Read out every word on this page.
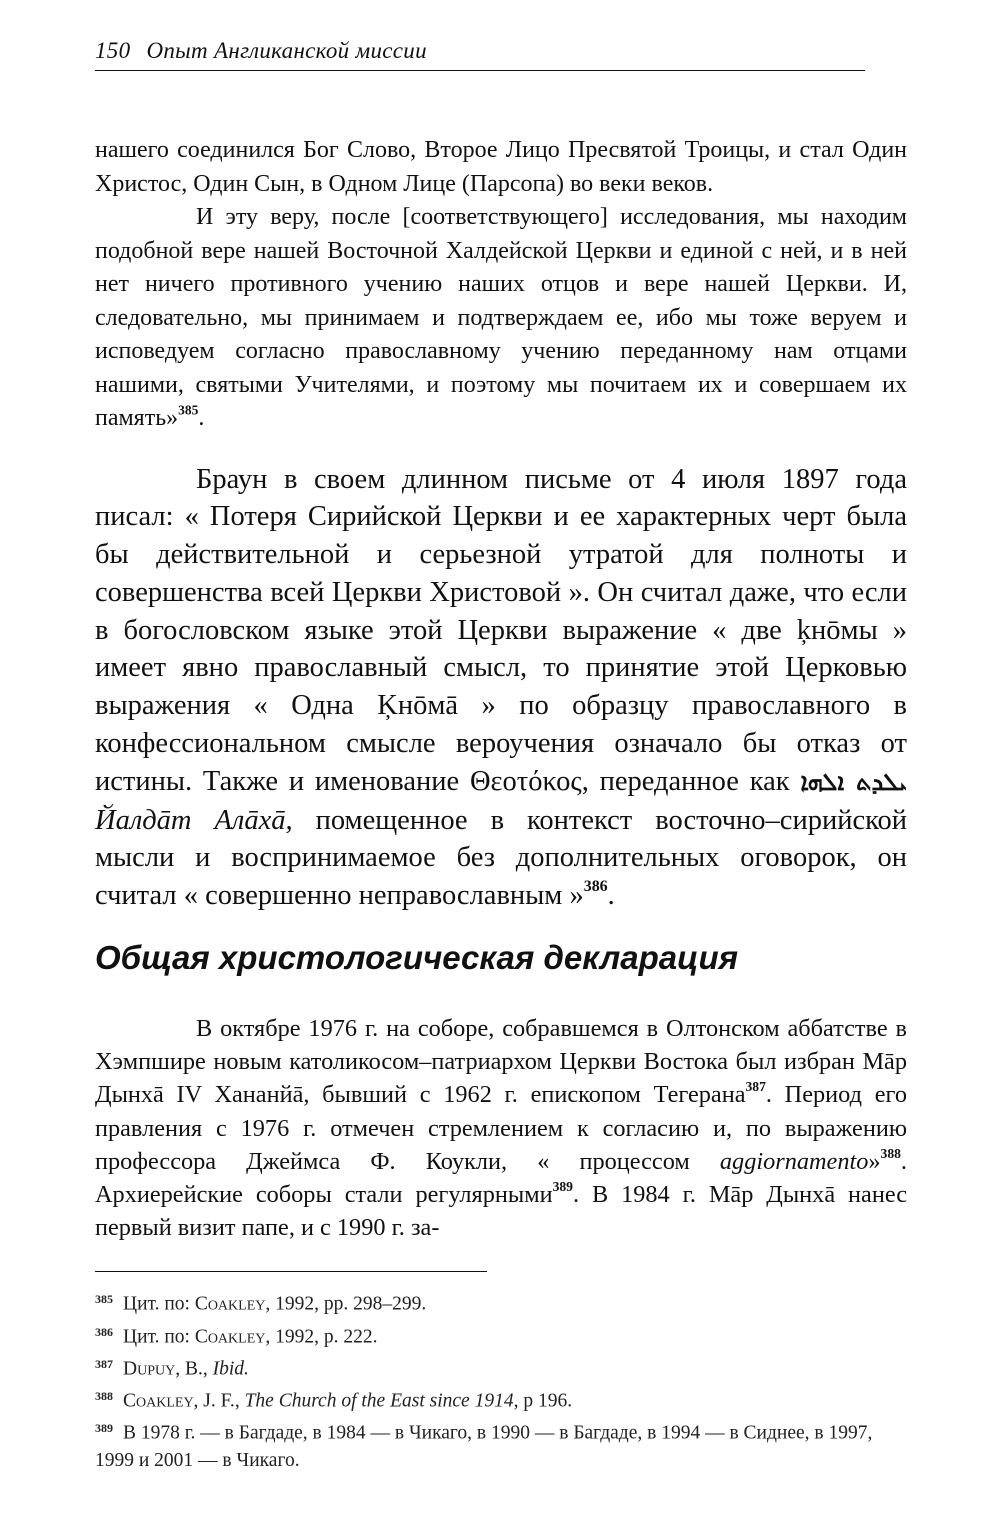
150 Опыт Англиканской миссии

нашего соединился Бог Слово, Второе Лицо Пресвятой Троицы, и стал Один Христос, Один Сын, в Одном Лице (Парсопа) во веки веков.

И эту веру, после [соответствующего] исследования, мы находим подобной вере нашей Восточной Халдейской Церкви и единой с ней, и в ней нет ничего противного учению наших отцов и вере нашей Церкви. И, следовательно, мы принимаем и подтверждаем ее, ибо мы тоже веруем и исповедуем согласно православному учению переданному нам отцами нашими, святыми Учителями, и поэтому мы почитаем их и совершаем их память»$^{385}$.

Браун в своем длинном письме от 4 июля 1897 года писал: « Потеря Сирийской Церкви и ее характерных черт была бы действительной и серьезной утратой для полноты и совершенства всей Церкви Христовой ». Он считал даже, что если в богословском языке этой Церкви выражение « две ķнōмы » имеет явно православный смысл, то принятие этой Церковью выражения « Одна Ķнōмā » по образцу православного в конфессиональном смысле вероучения означало бы отказ от истины. Также и именование Θεοτόκος, переданное как ܝܠܕܬ ܐܠܗܐ Йалдāт Алāхā, помещенное в контекст восточно–сирийской мысли и воспринимаемое без дополнительных оговорок, он считал « совершенно неправославным »$^{386}$.

Общая христологическая декларация

В октябре 1976 г. на соборе, собравшемся в Олтонском аббатстве в Хэмпшире новым католикосом–патриархом Церкви Востока был избран Мāр Дынхā IV Хананйā, бывший с 1962 г. епископом Тегерана$^{387}$. Период его правления с 1976 г. отмечен стремлением к согласию и, по выражению профессора Джеймса Ф. Коукли, « процессом aggiornamento»$^{388}$. Архиерейские соборы стали регулярными$^{389}$. В 1984 г. Мāр Дынхā нанес первый визит папе, и с 1990 г. за-

$^{385}$ Цит. по: Coakley, 1992, pp. 298–299.
$^{386}$ Цит. по: Coakley, 1992, p. 222.
$^{387}$ Dupuy, B., Ibid.
$^{388}$ Coakley, J. F., The Church of the East since 1914, p 196.
$^{389}$ В 1978 г. — в Багдаде, в 1984 — в Чикаго, в 1990 — в Багдаде, в 1994 — в Сиднее, в 1997, 1999 и 2001 — в Чикаго.
